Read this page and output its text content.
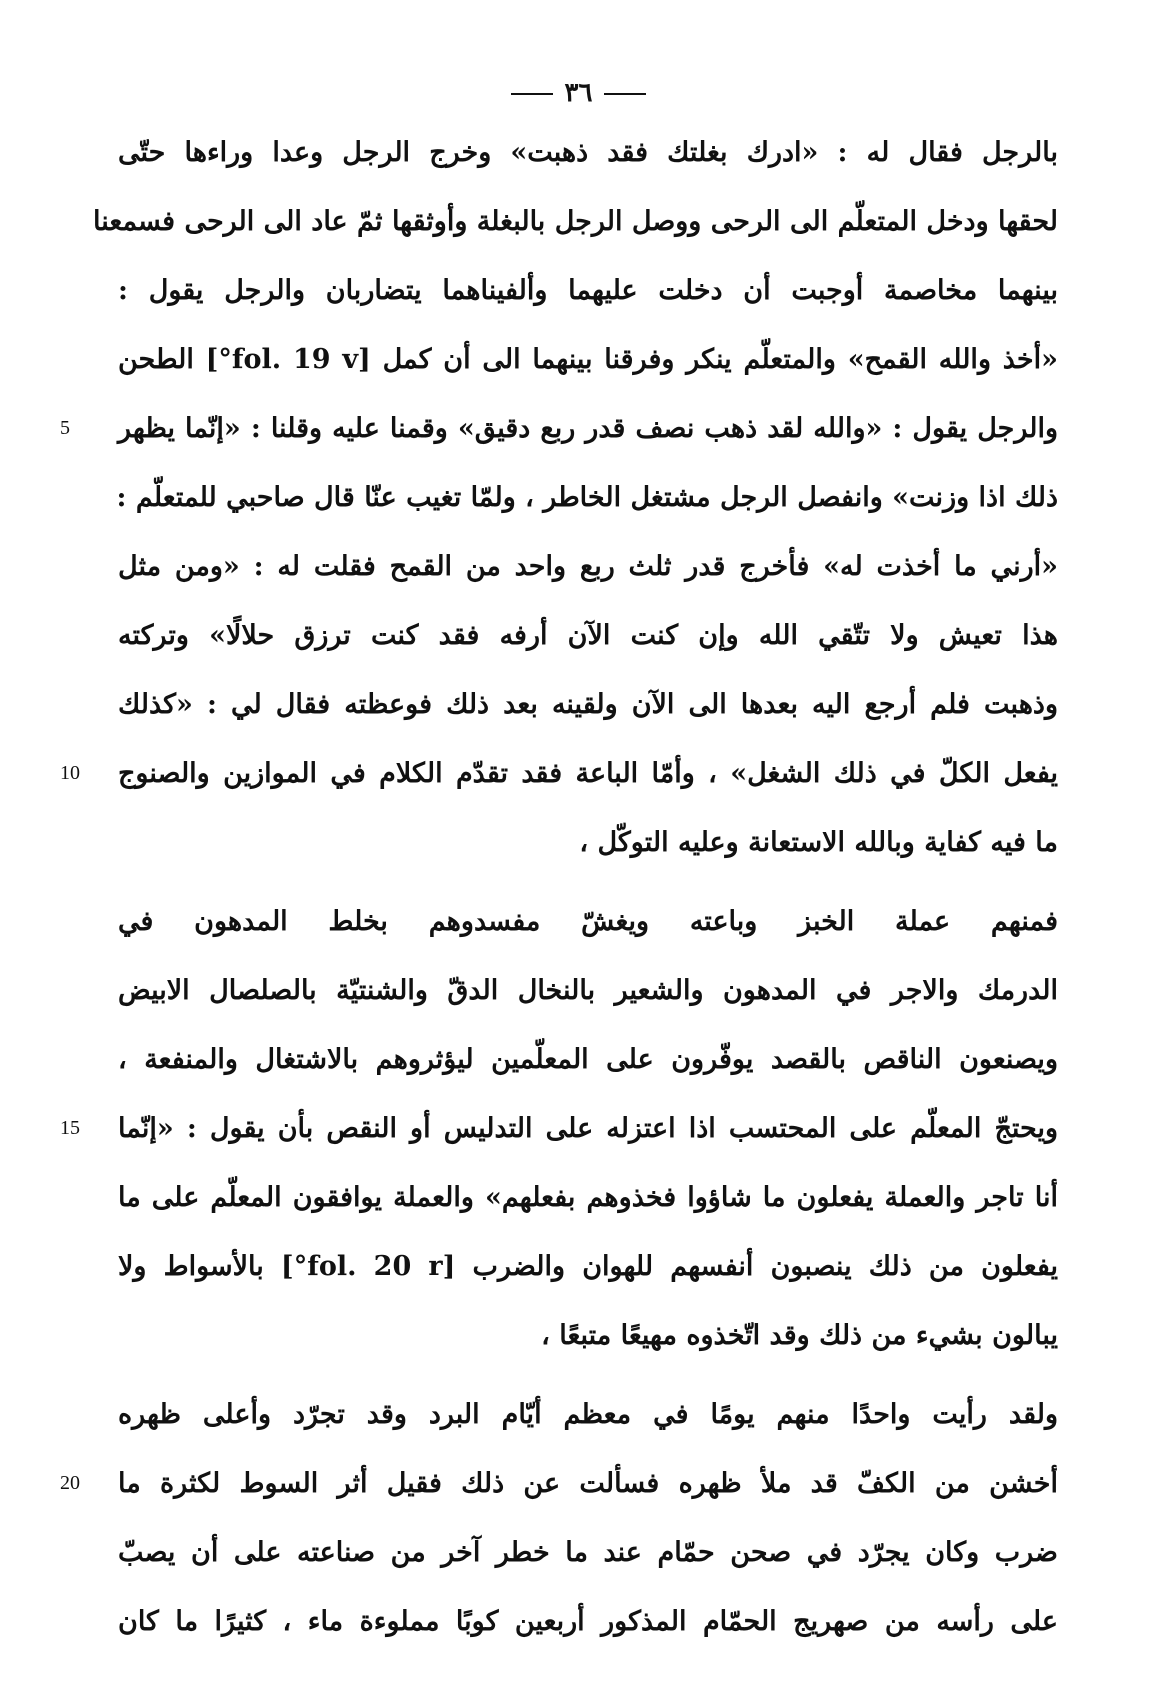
٣٦
بالرجل فقال له : «ادرك بغلتك فقد ذهبت» وخرج الرجل وعدا وراءها حتّى
لحقها ودخل المتعلّم الى الرحى ووصل الرجل بالبغلة وأوثقها ثمّ عاد الى الرحى فسمعنا
بينهما مخاصمة أوجبت أن دخلت عليهما وألفيناهما يتضاربان والرجل يقول :
«أخذ والله القمح» والمتعلّم ينكر وفرقنا بينهما الى أن كمل [fol. 19 v°] الطحن
5	والرجل يقول : «والله لقد ذهب نصف قدر ربع دقيق» وقمنا عليه وقلنا : «إنّما يظهر
ذلك اذا وزنت» وانفصل الرجل مشتغل الخاطر ، ولمّا تغيب عنّا قال صاحبي للمتعلّم :
«أرني ما أخذت له» فأخرج قدر ثلث ربع واحد من القمح فقلت له : «ومن مثل
هذا تعيش ولا تتّقي الله وإن كنت الآن أرفه فقد كنت ترزق حلالًا» وتركته
وذهبت فلم أرجع اليه بعدها الى الآن ولقينه بعد ذلك فوعظته فقال لي : «كذلك
10	يفعل الكلّ في ذلك الشغل» ، وأمّا الباعة فقد تقدّم الكلام في الموازين والصنوج
ما فيه كفاية وبالله الاستعانة وعليه التوكّل ،
فمنهم عملة الخبز وباعته ويغشّ مفسدوهم بخلط المدهون في
الدرمك والاجر في المدهون والشعير بالنخال الدقّ والشنتيّة بالصلصال الابيض
ويصنعون الناقص بالقصد يوفّرون على المعلّمين ليؤثروهم بالاشتغال والمنفعة ،
15	ويحتجّ المعلّم على المحتسب اذا اعتزله على التدليس أو النقص بأن يقول : «إنّما
أنا تاجر والعملة يفعلون ما شاؤوا فخذوهم بفعلهم» والعملة يوافقون المعلّم على ما
يفعلون من ذلك ينصبون أنفسهم للهوان والضرب [fol. 20 r°] بالأسواط ولا
يبالون بشيء من ذلك وقد اتّخذوه مهيعًا متبعًا ،
ولقد رأيت واحدًا منهم يومًا في معظم أيّام البرد وقد تجرّد وأعلى ظهره
20	أخشن من الكفّ قد ملأ ظهره فسألت عن ذلك فقيل أثر السوط لكثرة ما
ضرب وكان يجرّد في صحن حمّام عند ما خطر آخر من صناعته على أن يصبّ
على رأسه من صهريج الحمّام المذكور أربعين كوبًا مملوءة ماء ، كثيرًا ما كان
